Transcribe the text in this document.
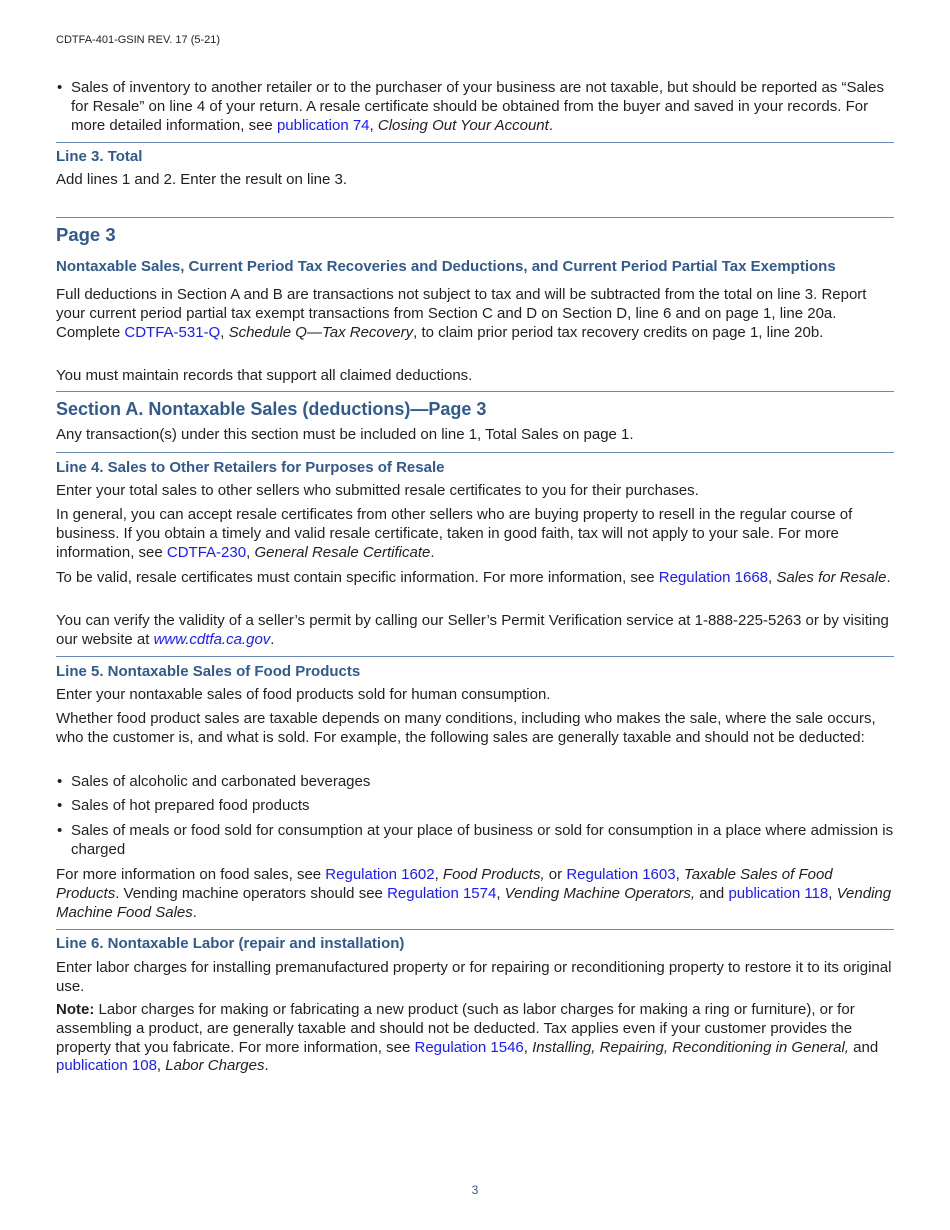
CDTFA-401-GSIN REV. 17 (5-21)
• Sales of inventory to another retailer or to the purchaser of your business are not taxable, but should be reported as “Sales for Resale” on line 4 of your return. A resale certificate should be obtained from the buyer and saved in your records. For more detailed information, see publication 74, Closing Out Your Account.
Line 3. Total

Add lines 1 and 2. Enter the result on line 3.

Page 3
Nontaxable Sales, Current Period Tax Recoveries and Deductions, and Current Period Partial Tax Exemptions

Full deductions in Section A and B are transactions not subject to tax and will be subtracted from the total on line 3. Report your current period partial tax exempt transactions from Section C and D on Section D, line 6 and on page 1, line 20a. Complete CDTFA-531-Q, Schedule Q—Tax Recovery, to claim prior period tax recovery credits on page 1, line 20b.

You must maintain records that support all claimed deductions.

Section A. Nontaxable Sales (deductions)—Page 3

Any transaction(s) under this section must be included on line 1, Total Sales on page 1.

Line 4. Sales to Other Retailers for Purposes of Resale

Enter your total sales to other sellers who submitted resale certificates to you for their purchases.

In general, you can accept resale certificates from other sellers who are buying property to resell in the regular course of business. If you obtain a timely and valid resale certificate, taken in good faith, tax will not apply to your sale. For more information, see CDTFA-230, General Resale Certificate.

To be valid, resale certificates must contain specific information. For more information, see Regulation 1668, Sales for Resale.

You can verify the validity of a seller’s permit by calling our Seller’s Permit Verification service at 1-888-225-5263 or by visiting our website at www.cdtfa.ca.gov.

Line 5. Nontaxable Sales of Food Products

Enter your nontaxable sales of food products sold for human consumption.

Whether food product sales are taxable depends on many conditions, including who makes the sale, where the sale occurs, who the customer is, and what is sold. For example, the following sales are generally taxable and should not be deducted:

• Sales of alcoholic and carbonated beverages
• Sales of hot prepared food products
• Sales of meals or food sold for consumption at your place of business or sold for consumption in a place where admission is charged

For more information on food sales, see Regulation 1602, Food Products, or Regulation 1603, Taxable Sales of Food Products. Vending machine operators should see Regulation 1574, Vending Machine Operators, and publication 118, Vending Machine Food Sales.

Line 6. Nontaxable Labor (repair and installation)

Enter labor charges for installing premanufactured property or for repairing or reconditioning property to restore it to its original use.

Note: Labor charges for making or fabricating a new product (such as labor charges for making a ring or furniture), or for assembling a product, are generally taxable and should not be deducted. Tax applies even if your customer provides the property that you fabricate. For more information, see Regulation 1546, Installing, Repairing, Reconditioning in General, and publication 108, Labor Charges.

3
